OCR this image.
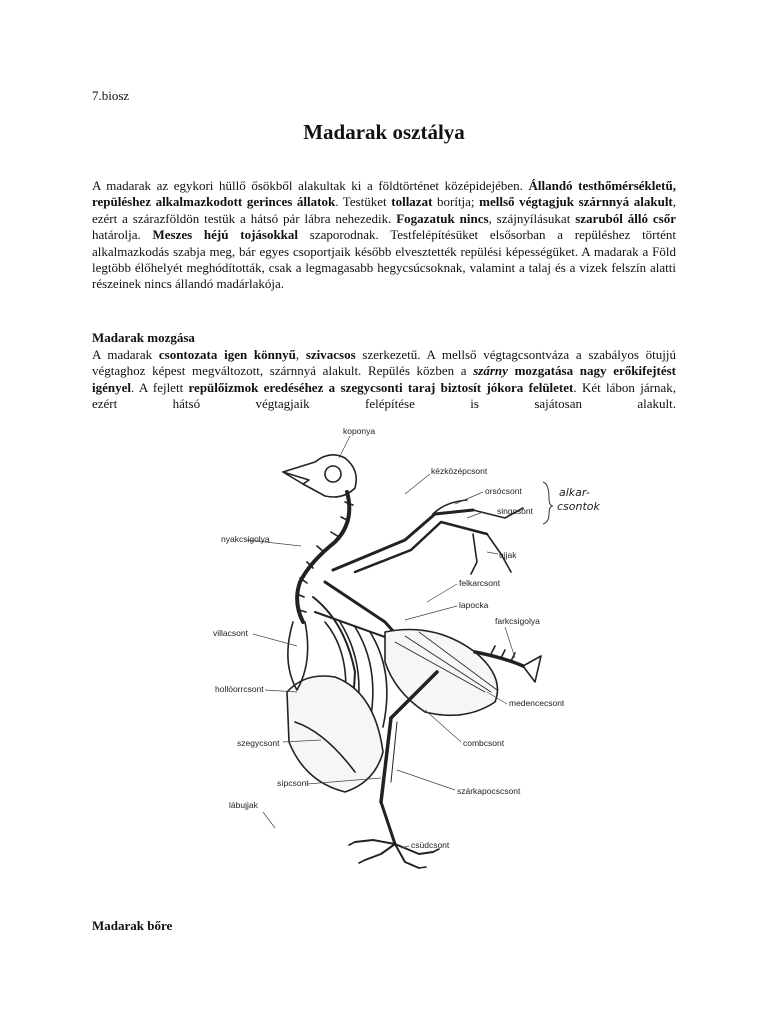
7.biosz
Madarak osztálya
A madarak az egykori hüllő ősökből alakultak ki a földtörténet középidejében. Állandó testhőmérsékletű, repüléshez alkalmazkodott gerinces állatok. Testüket tollazat borítja; mellső végtagjuk szárnnyá alakult, ezért a szárazföldön testük a hátsó pár lábra nehezedik. Fogazatuk nincs, szájnyílásukat szaruból álló csőr határolja. Meszes héjú tojásokkal szaporodnak. Testfelépítésüket elsősorban a repüléshez történt alkalmazkodás szabja meg, bár egyes csoportjaik később elvesztették repülési képességüket. A madarak a Föld legtöbb élőhelyét meghódították, csak a legmagasabb hegycsúcsoknak, valamint a talaj és a vizek felszín alatti részeinek nincs állandó madárlakója.
Madarak mozgása
A madarak csontozata igen könnyű, szivacsos szerkezetű. A mellső végtagcsontváza a szabályos ötujjú végtaghoz képest megváltozott, szárnnyá alakult. Repülés közben a szárny mozgatása nagy erőkifejtést igényel. A fejlett repülőizmok eredéséhez a szegycsonti taraj biztosít jókora felületet. Két lábon járnak, ezért hátsó végtagjaik felépítése is sajátosan alakult.
koponya
kézközépcsont
orsócsont
singcsont
alkar-
csontok
ujjak
nyakcsigolya
felkarcsont
lapocka
farkcsigolya
villacsont
hollóorrcsont
medencecsont
combcsont
szegycsont
sípcsont
szárkapocscsont
lábujjak
csüdcsont
Madarak bőre
